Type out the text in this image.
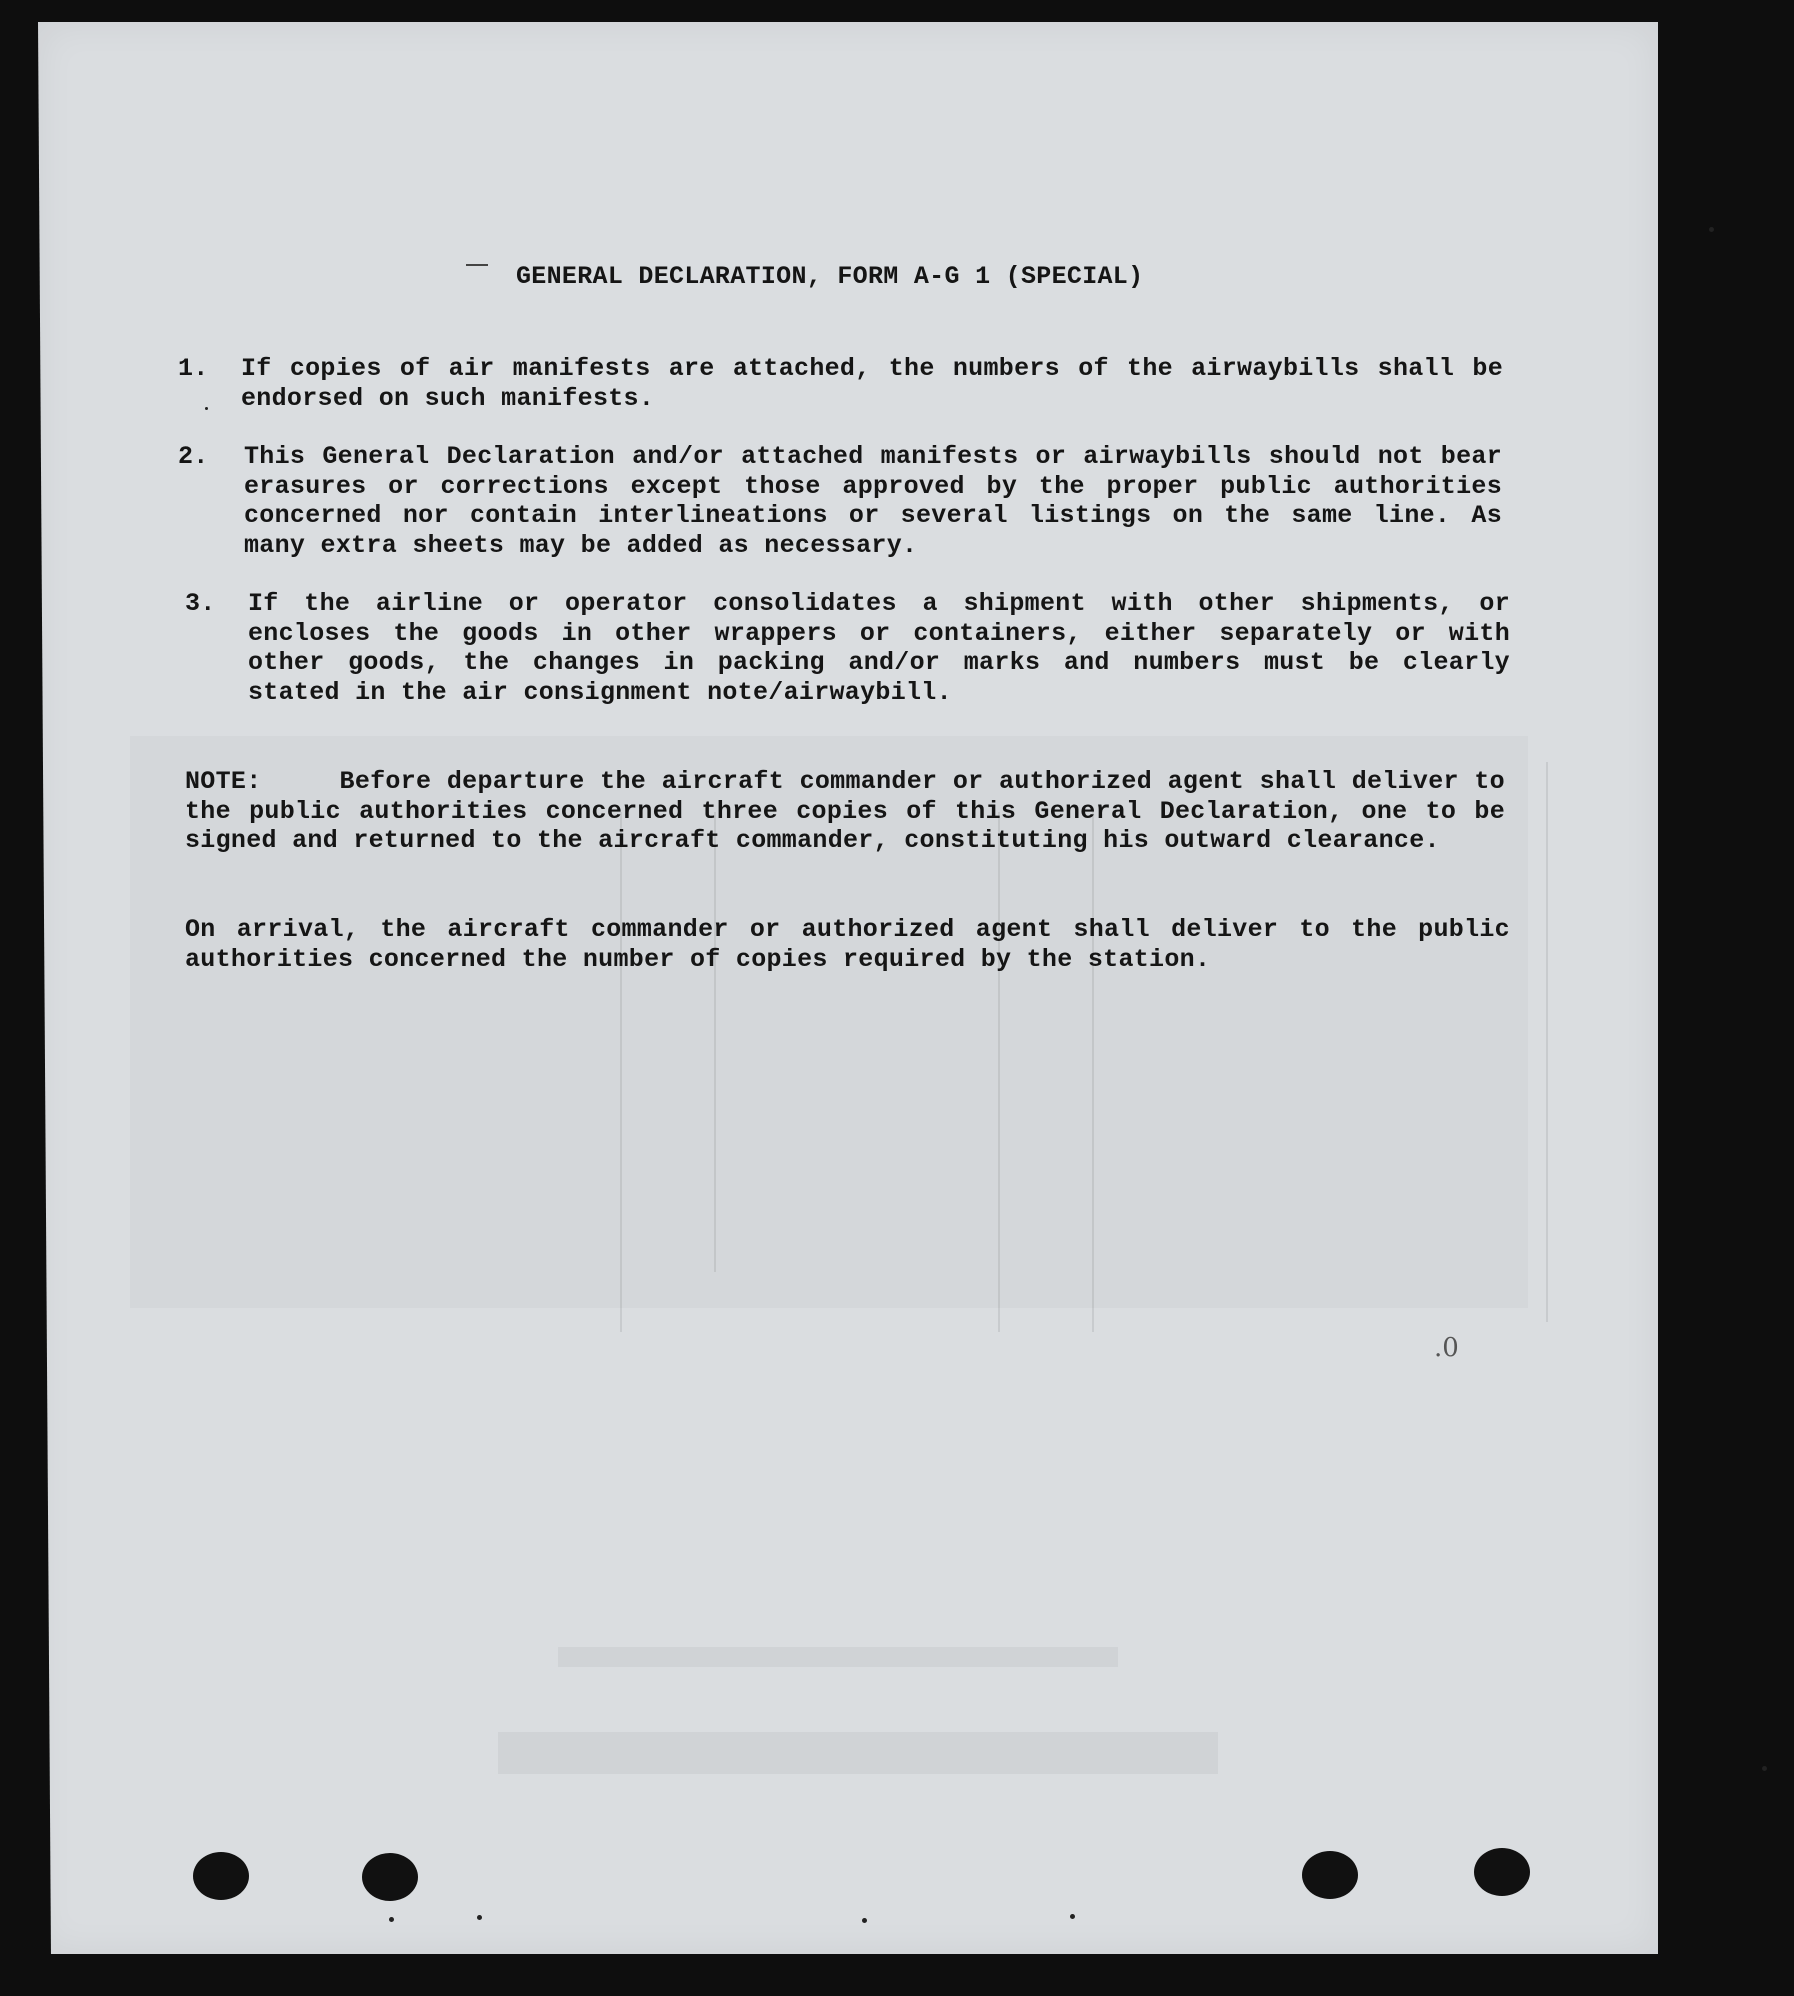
GENERAL DECLARATION, FORM A-G 1 (SPECIAL)
1. If copies of air manifests are attached, the numbers of the airwaybills shall be endorsed on such manifests.
2. This General Declaration and/or attached manifests or airwaybills should not bear erasures or corrections except those approved by the proper public authorities concerned nor contain interlineations or several listings on the same line. As many extra sheets may be added as necessary.
3. If the airline or operator consolidates a shipment with other shipments, or encloses the goods in other wrappers or containers, either separately or with other goods, the changes in packing and/or marks and numbers must be clearly stated in the air consignment note/airwaybill.
NOTE:	Before departure the aircraft commander or authorized agent shall deliver to the public authorities concerned three copies of this General Declaration, one to be signed and returned to the aircraft commander, constituting his outward clearance.
On arrival, the aircraft commander or authorized agent shall deliver to the public authorities concerned the number of copies required by the station.
.0
